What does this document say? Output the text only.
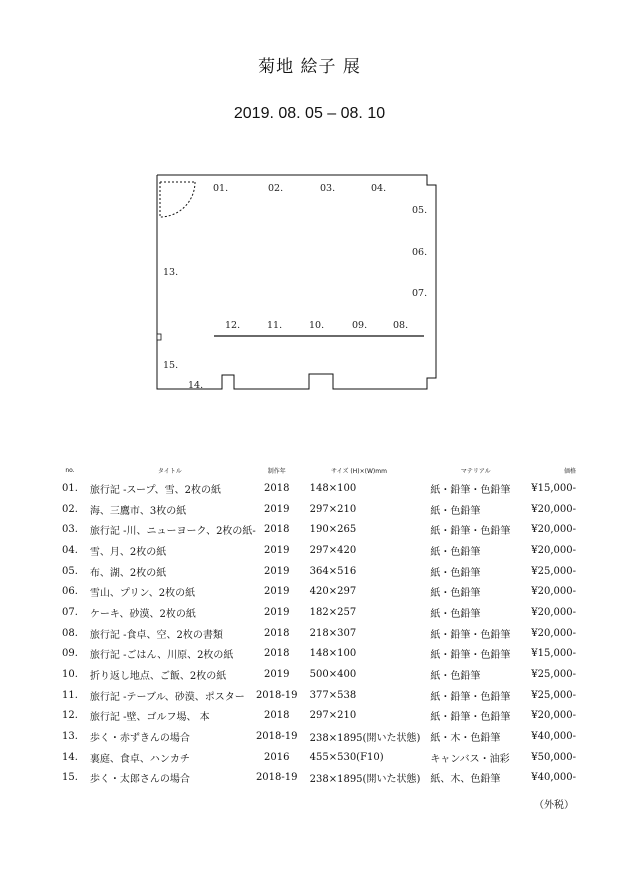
菊地 絵子 展
2019. 08. 05 – 08. 10
01.	02.	03.	04.
05.
06.
07.
08.
09.
10.
11.
12.
13.
14.
15.
no.	タイトル	制作年	サイズ (H)×(W)mm	マテリアル	価格
01.	旅行記 -スープ、雪、2枚の紙	2018	148×100	紙・鉛筆・色鉛筆	¥15,000-
02.	海、三鷹市、3枚の紙	2019	297×210	紙・色鉛筆	¥20,000-
03.	旅行記 -川、ニューヨーク、2枚の紙-	2018	190×265	紙・鉛筆・色鉛筆	¥20,000-
04.	雪、月、2枚の紙	2019	297×420	紙・色鉛筆	¥20,000-
05.	布、湖、2枚の紙	2019	364×516	紙・色鉛筆	¥25,000-
06.	雪山、プリン、2枚の紙	2019	420×297	紙・色鉛筆	¥20,000-
07.	ケーキ、砂漠、2枚の紙	2019	182×257	紙・色鉛筆	¥20,000-
08.	旅行記 -食卓、空、2枚の書類	2018	218×307	紙・鉛筆・色鉛筆	¥20,000-
09.	旅行記 -ごはん、川原、2枚の紙	2018	148×100	紙・鉛筆・色鉛筆	¥15,000-
10.	折り返し地点、ご飯、2枚の紙	2019	500×400	紙・色鉛筆	¥25,000-
11.	旅行記 -テーブル、砂漠、ポスター	2018-19	377×538	紙・鉛筆・色鉛筆	¥25,000-
12.	旅行記 -壁、ゴルフ場、 本	2018	297×210	紙・鉛筆・色鉛筆	¥20,000-
13.	歩く・赤ずきんの場合	2018-19	238×1895(開いた状態)	紙・木・色鉛筆	¥40,000-
14.	裏庭、食卓、ハンカチ	2016	455×530(F10)	キャンバス・油彩	¥50,000-
15.	歩く・太郎さんの場合	2018-19	238×1895(開いた状態)	紙、木、色鉛筆	¥40,000-
（外税）
